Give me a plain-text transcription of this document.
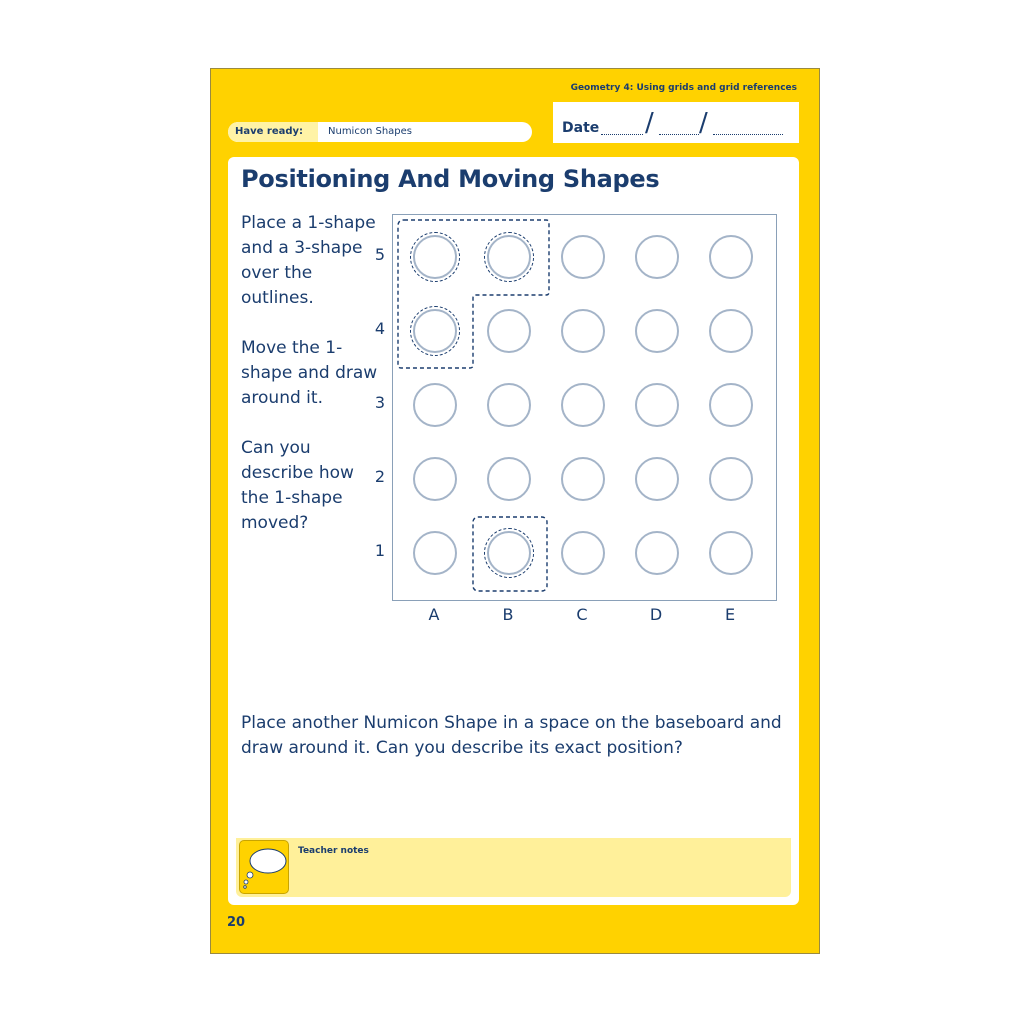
Geometry 4: Using grids and grid references
Have ready:	Numicon Shapes	Date / /
Positioning And Moving Shapes

Place a 1-shape and a 3-shape over the outlines.

Move the 1-shape and draw around it.

Can you describe how the 1-shape moved?

5
4
3
2
1
A	B	C	D	E

Place another Numicon Shape in a space on the baseboard and draw around it. Can you describe its exact position?

Teacher notes
20
